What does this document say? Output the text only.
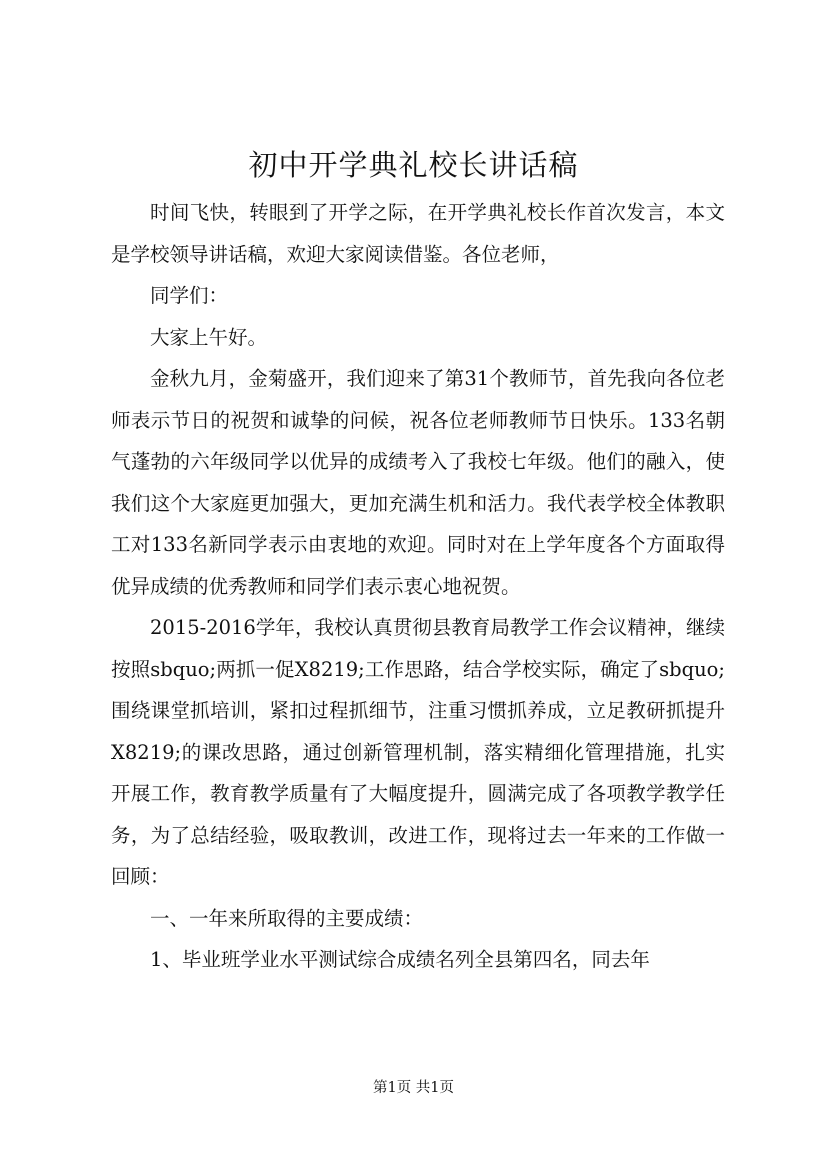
初中开学典礼校长讲话稿

时间飞快，转眼到了开学之际，在开学典礼校长作首次发言，本文是学校领导讲话稿，欢迎大家阅读借鉴。各位老师，

同学们：

大家上午好。

金秋九月，金菊盛开，我们迎来了第31个教师节，首先我向各位老师表示节日的祝贺和诚挚的问候，祝各位老师教师节日快乐。133名朝气蓬勃的六年级同学以优异的成绩考入了我校七年级。他们的融入，使我们这个大家庭更加强大，更加充满生机和活力。我代表学校全体教职工对133名新同学表示由衷地的欢迎。同时对在上学年度各个方面取得优异成绩的优秀教师和同学们表示衷心地祝贺。

2015-2016学年，我校认真贯彻县教育局教学工作会议精神，继续按照sbquo;两抓一促X8219;工作思路，结合学校实际，确定了sbquo;围绕课堂抓培训，紧扣过程抓细节，注重习惯抓养成，立足教研抓提升X8219;的课改思路，通过创新管理机制，落实精细化管理措施，扎实开展工作，教育教学质量有了大幅度提升，圆满完成了各项教学教学任务，为了总结经验，吸取教训，改进工作，现将过去一年来的工作做一回顾：

一、一年来所取得的主要成绩：

1、毕业班学业水平测试综合成绩名列全县第四名，同去年

第1页 共1页
